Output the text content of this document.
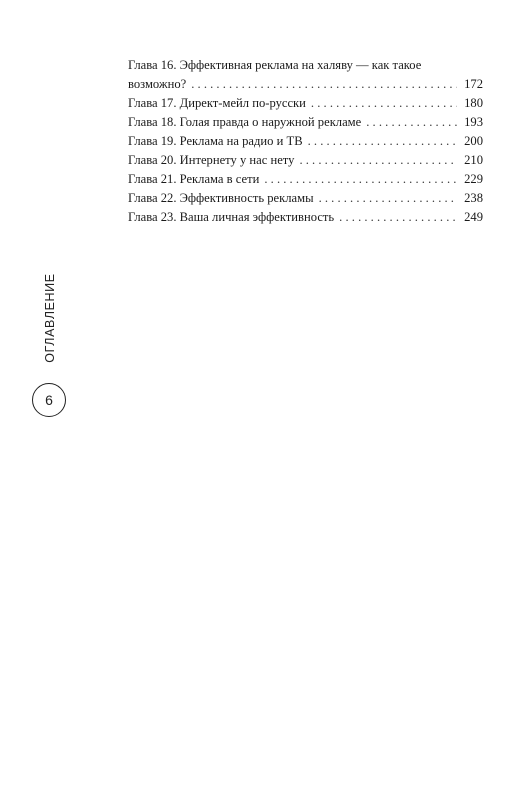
Глава 16. Эффективная реклама на халяву — как такое
возможно? . . .	172
Глава 17. Директ-мейл по-русски . . .	180
Глава 18. Голая правда о наружной рекламе . . .	193
Глава 19. Реклама на радио и ТВ . . .	200
Глава 20. Интернету у нас нету . . .	210
Глава 21. Реклама в сети . . .	229
Глава 22. Эффективность рекламы . . .	238
Глава 23. Ваша личная эффективность . . .	249
ОГЛАВЛЕНИЕ
6
